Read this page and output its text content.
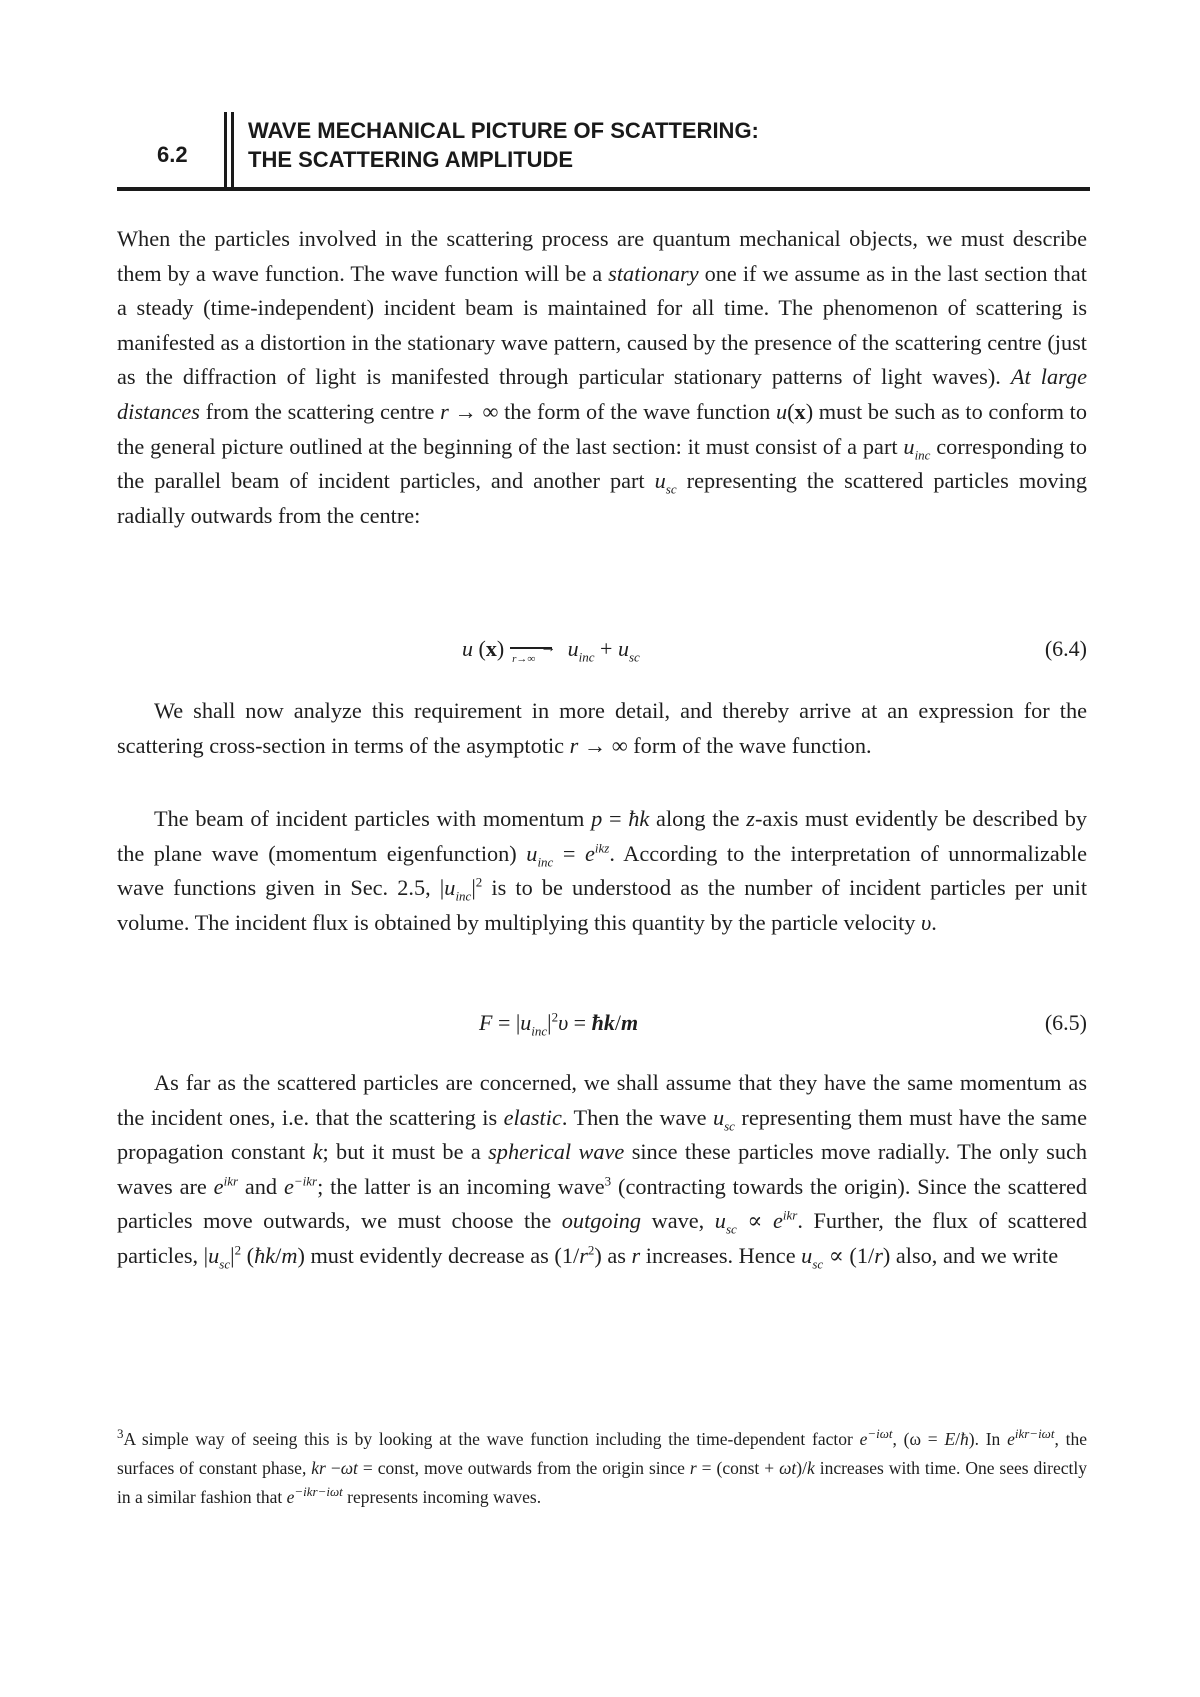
6.2
WAVE MECHANICAL PICTURE OF SCATTERING:
THE SCATTERING AMPLITUDE

When the particles involved in the scattering process are quantum mechanical objects, we must describe them by a wave function. The wave function will be a stationary one if we assume as in the last section that a steady (time-independent) incident beam is maintained for all time. The phenomenon of scattering is manifested as a distortion in the stationary wave pattern, caused by the presence of the scattering centre (just as the diffraction of light is manifested through particular stationary patterns of light waves). At large distances from the scattering centre r → ∞ the form of the wave function u(x) must be such as to conform to the general picture outlined at the beginning of the last section: it must consist of a part $u_{inc}$ corresponding to the parallel beam of incident particles, and another part $u_{sc}$ representing the scattered particles moving radially outwards from the centre:

u (x) →
r→∞ $u_{inc} + u_{sc}$	(6.4)

We shall now analyze this requirement in more detail, and thereby arrive at an expression for the scattering cross-section in terms of the asymptotic r → ∞ form of the wave function.

The beam of incident particles with momentum p = ħk along the z-axis must evidently be described by the plane wave (momentum eigenfunction) $u_{inc} = e^{ikz}$. According to the interpretation of unnormalizable wave functions given in Sec. 2.5, $|u_{inc}|^2$ is to be understood as the number of incident particles per unit volume. The incident flux is obtained by multiplying this quantity by the particle velocity υ.

$F = |u_{inc}|^2\upsilon$ = ħk/m	(6.5)

As far as the scattered particles are concerned, we shall assume that they have the same momentum as the incident ones, i.e. that the scattering is elastic. Then the wave $u_{sc}$ representing them must have the same propagation constant k; but it must be a spherical wave since these particles move radially. The only such waves are $e^{ikr}$ and $e^{-ikr}$; the latter is an incoming wave$^3$ (contracting towards the origin). Since the scattered particles move outwards, we must choose the outgoing wave, $u_{sc} \propto e^{ikr}$. Further, the flux of scattered particles, $|u_{sc}|^2$ (ħk/m) must evidently decrease as $(1/r^2)$ as r increases. Hence $u_{sc} \propto (1/r)$ also, and we write

$^3$A simple way of seeing this is by looking at the wave function including the time-dependent factor $e^{-i\omega t}$, (ω = E/ħ). In $e^{ikr-i\omega t}$, the surfaces of constant phase, kr −ωt = const, move outwards from the origin since r = (const + ωt)/k increases with time. One sees directly in a similar fashion that $e^{-ikr-i\omega t}$ represents incoming waves.
